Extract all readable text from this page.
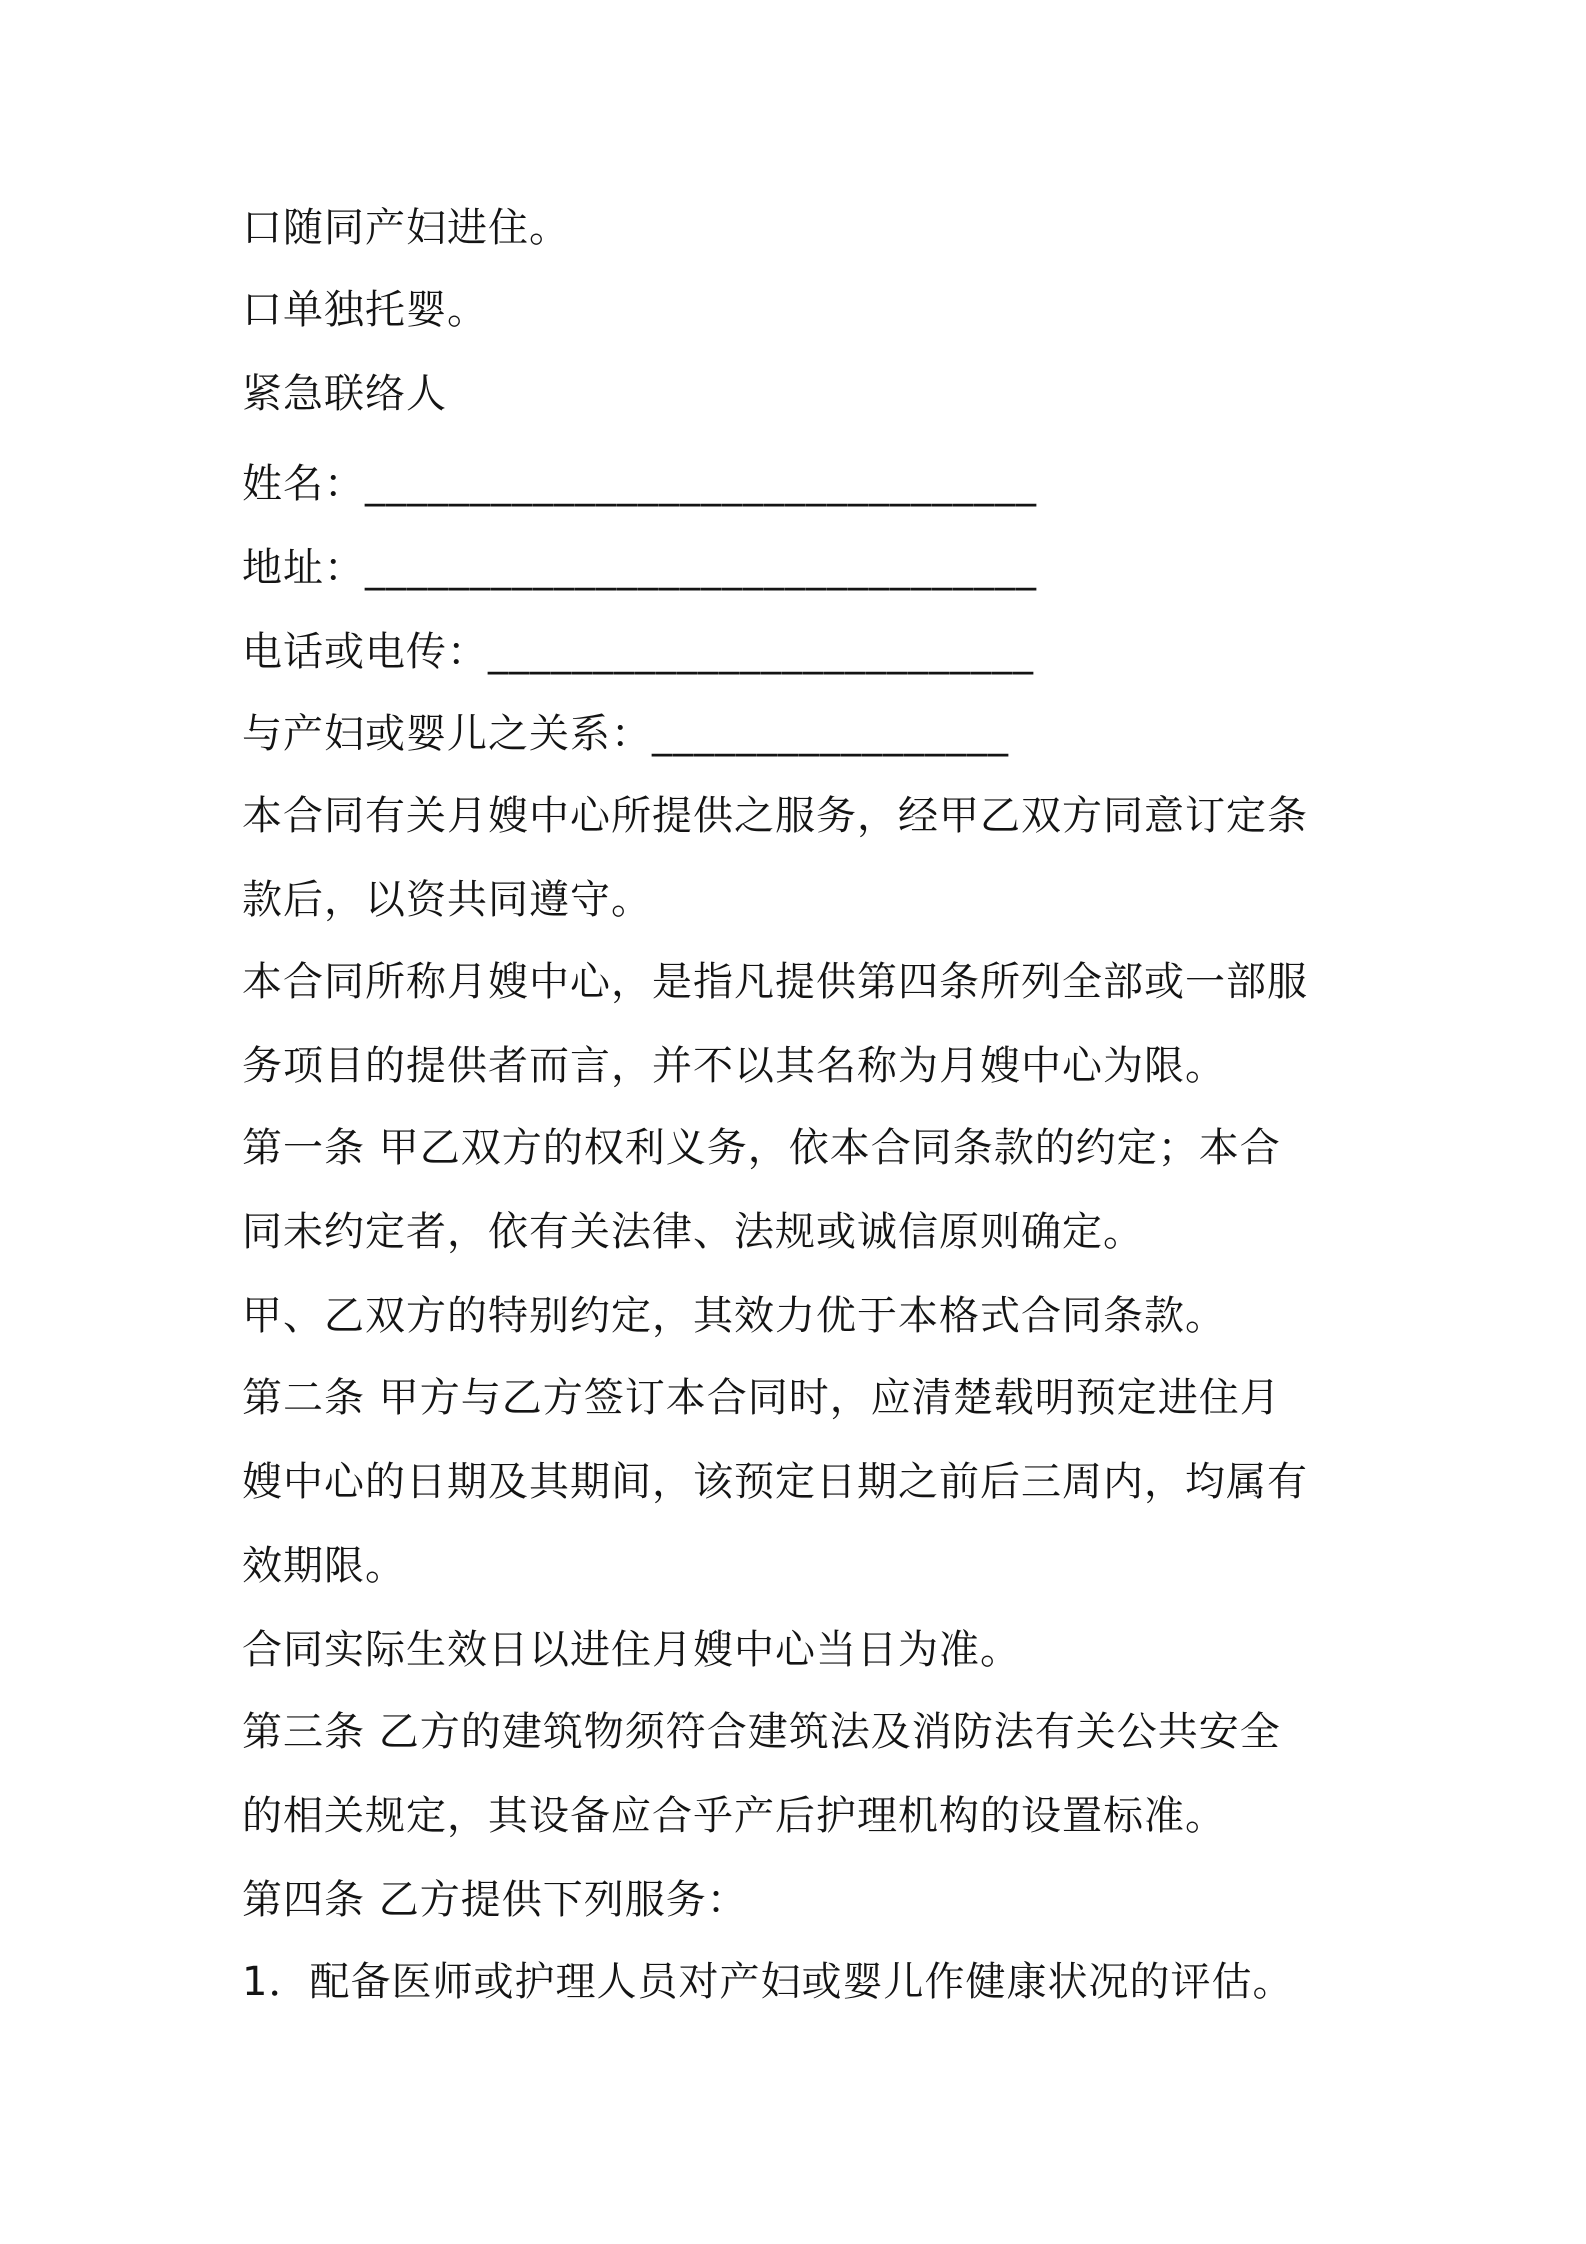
口随同产妇进住。
口单独托婴。
紧急联络人
姓名：________________________________
地址：________________________________
电话或电传：__________________________
与产妇或婴儿之关系：_________________
本合同有关月嫂中心所提供之服务，经甲乙双方同意订定条
款后，以资共同遵守。
本合同所称月嫂中心，是指凡提供第四条所列全部或一部服
务项目的提供者而言，并不以其名称为月嫂中心为限。
第一条 甲乙双方的权利义务，依本合同条款的约定；本合
同未约定者，依有关法律、法规或诚信原则确定。
甲、乙双方的特别约定，其效力优于本格式合同条款。
第二条 甲方与乙方签订本合同时，应清楚载明预定进住月
嫂中心的日期及其期间，该预定日期之前后三周内，均属有
效期限。
合同实际生效日以进住月嫂中心当日为准。
第三条 乙方的建筑物须符合建筑法及消防法有关公共安全
的相关规定，其设备应合乎产后护理机构的设置标准。
第四条 乙方提供下列服务：
1．配备医师或护理人员对产妇或婴儿作健康状况的评估。
